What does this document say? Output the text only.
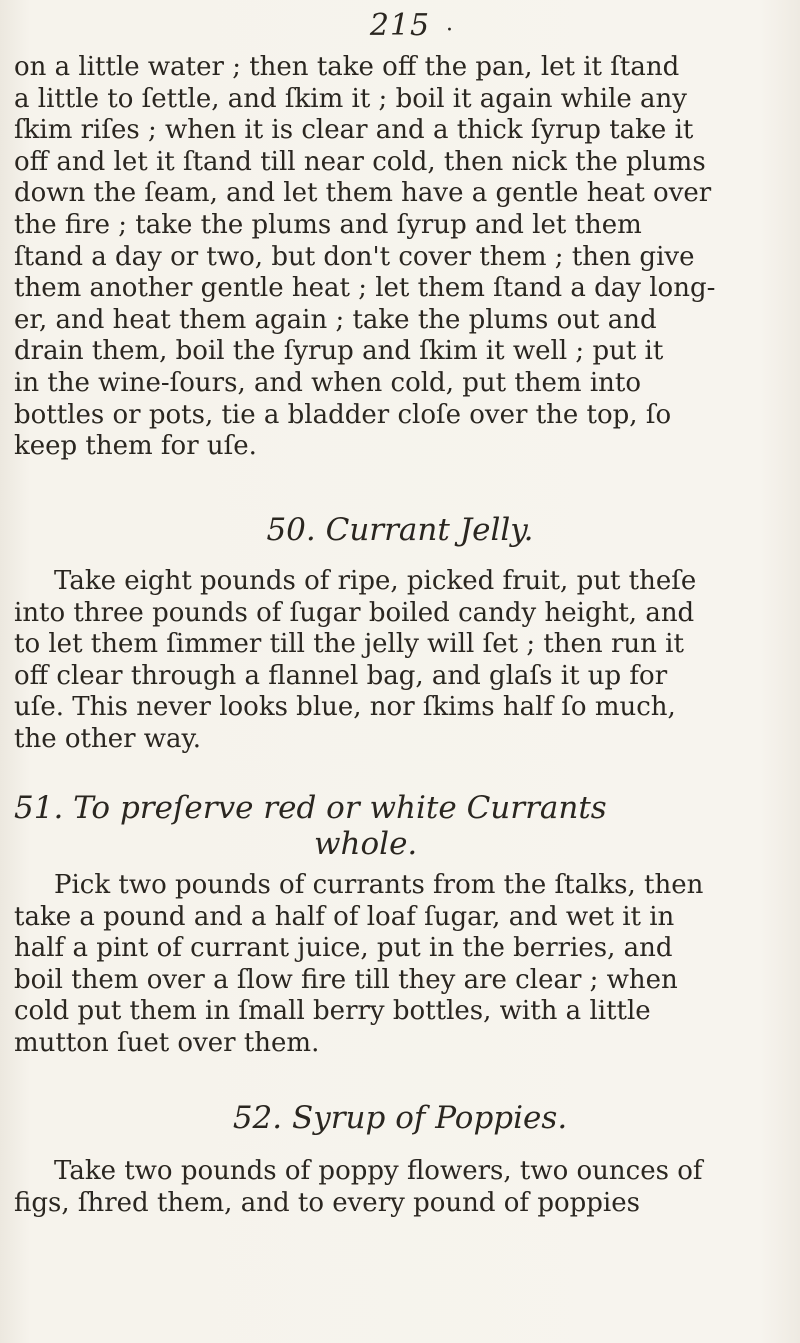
215 ·
on a little water ; then take off the pan, let it ſtand
a little to ſettle, and ſkim it ; boil it again while any
ſkim riſes ; when it is clear and a thick ſyrup take it
off and let it ſtand till near cold, then nick the plums
down the ſeam, and let them have a gentle heat over
the fire ; take the plums and ſyrup and let them
ſtand a day or two, but don't cover them ; then give
them another gentle heat ; let them ſtand a day long-
er, and heat them again ; take the plums out and
drain them, boil the ſyrup and ſkim it well ; put it
in the wine-ſours, and when cold, put them into
bottles or pots, tie a bladder cloſe over the top, ſo
keep them for uſe.
50. Currant Jelly.
Take eight pounds of ripe, picked fruit, put theſe
into three pounds of ſugar boiled candy height, and
to let them ſimmer till the jelly will ſet ; then run it
off clear through a flannel bag, and glaſs it up for
uſe. This never looks blue, nor ſkims half ſo much,
the other way.
51. To preſerve red or white Currants
whole.
Pick two pounds of currants from the ſtalks, then
take a pound and a half of loaf ſugar, and wet it in
half a pint of currant juice, put in the berries, and
boil them over a ſlow fire till they are clear ; when
cold put them in ſmall berry bottles, with a little
mutton ſuet over them.
52. Syrup of Poppies.
Take two pounds of poppy flowers, two ounces of
figs, ſhred them, and to every pound of poppies
